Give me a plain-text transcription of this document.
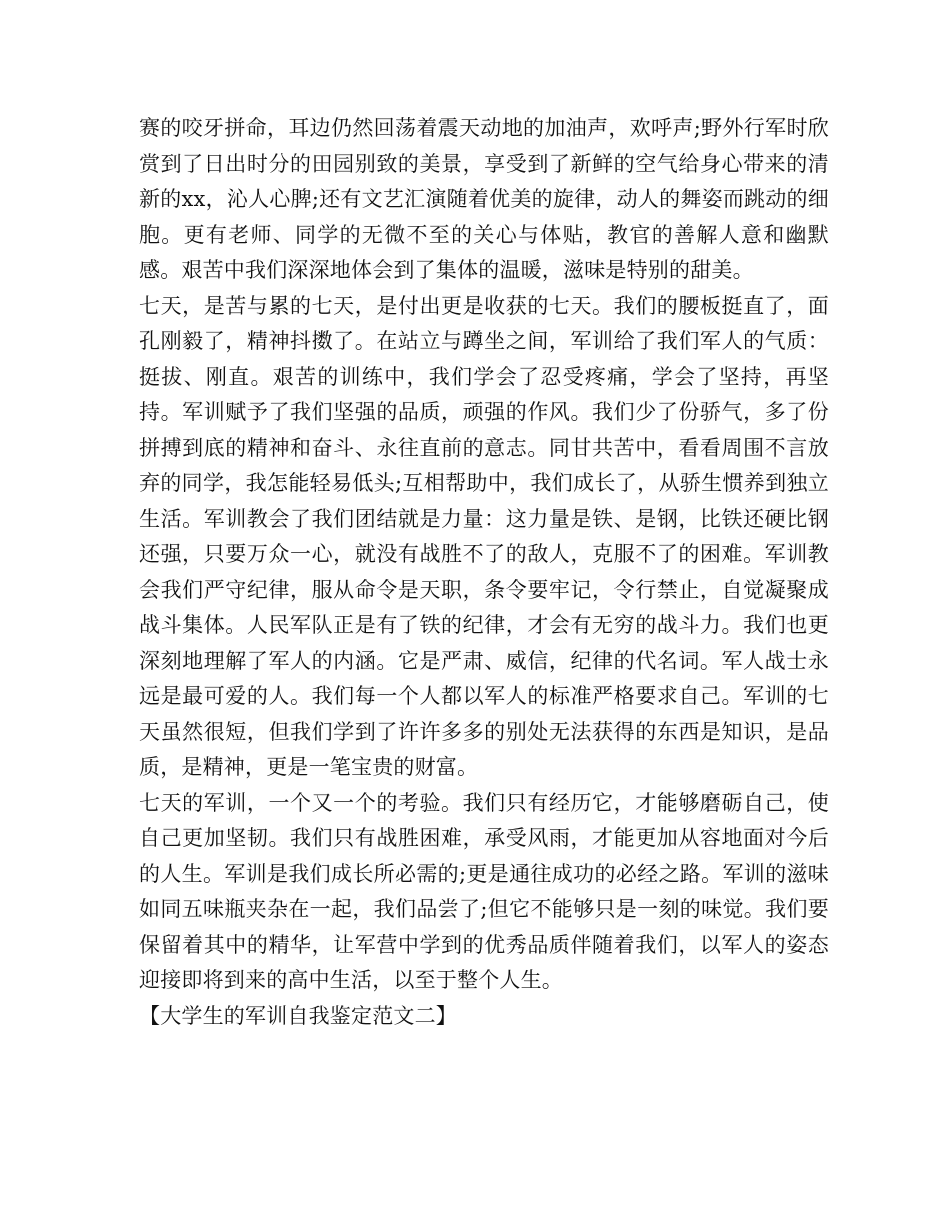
赛的咬牙拼命，耳边仍然回荡着震天动地的加油声，欢呼声;野外行军时欣赏到了日出时分的田园别致的美景，享受到了新鲜的空气给身心带来的清新的xx，沁人心脾;还有文艺汇演随着优美的旋律，动人的舞姿而跳动的细胞。更有老师、同学的无微不至的关心与体贴，教官的善解人意和幽默感。艰苦中我们深深地体会到了集体的温暖，滋味是特别的甜美。

七天，是苦与累的七天，是付出更是收获的七天。我们的腰板挺直了，面孔刚毅了，精神抖擞了。在站立与蹲坐之间，军训给了我们军人的气质：挺拔、刚直。艰苦的训练中，我们学会了忍受疼痛，学会了坚持，再坚持。军训赋予了我们坚强的品质，顽强的作风。我们少了份骄气，多了份拼搏到底的精神和奋斗、永往直前的意志。同甘共苦中，看看周围不言放弃的同学，我怎能轻易低头;互相帮助中，我们成长了，从骄生惯养到独立生活。军训教会了我们团结就是力量：这力量是铁、是钢，比铁还硬比钢还强，只要万众一心，就没有战胜不了的敌人，克服不了的困难。军训教会我们严守纪律，服从命令是天职，条令要牢记，令行禁止，自觉凝聚成战斗集体。人民军队正是有了铁的纪律，才会有无穷的战斗力。我们也更深刻地理解了军人的内涵。它是严肃、威信，纪律的代名词。军人战士永远是最可爱的人。我们每一个人都以军人的标准严格要求自己。军训的七天虽然很短，但我们学到了许许多多的别处无法获得的东西是知识，是品质，是精神，更是一笔宝贵的财富。

七天的军训，一个又一个的考验。我们只有经历它，才能够磨砺自己，使自己更加坚韧。我们只有战胜困难，承受风雨，才能更加从容地面对今后的人生。军训是我们成长所必需的;更是通往成功的必经之路。军训的滋味如同五味瓶夹杂在一起，我们品尝了;但它不能够只是一刻的味觉。我们要保留着其中的精华，让军营中学到的优秀品质伴随着我们，以军人的姿态迎接即将到来的高中生活，以至于整个人生。

【大学生的军训自我鉴定范文二】
